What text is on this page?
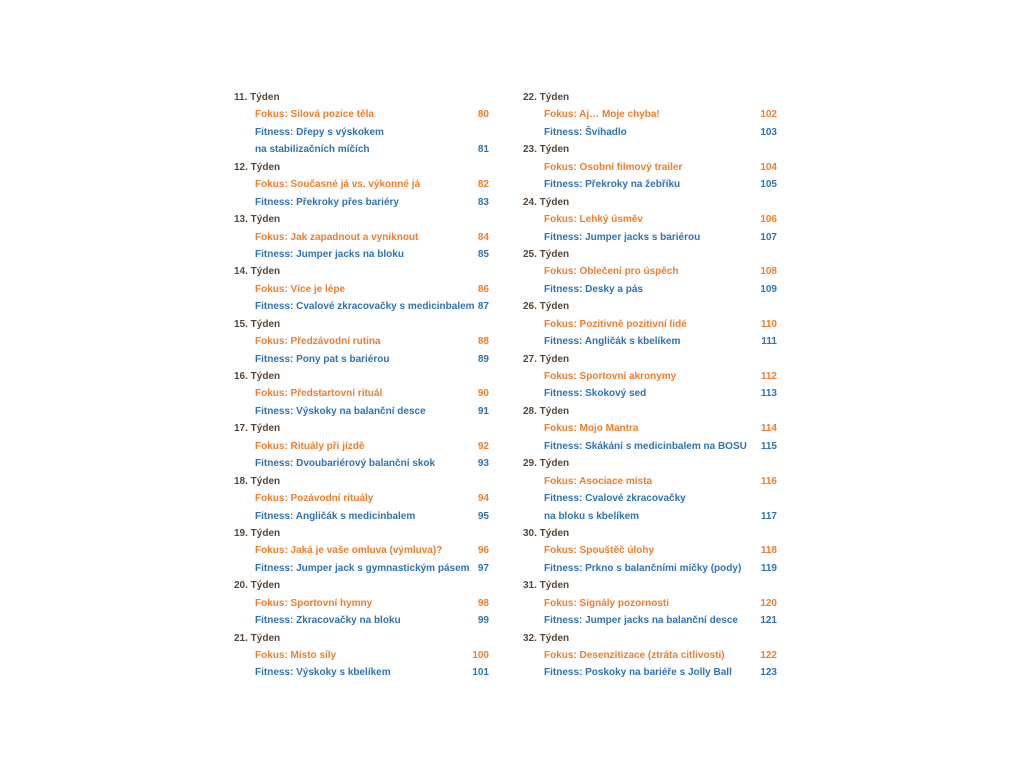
11. Týden
Fokus: Silová pozice těla	80
Fitness: Dřepy s výskokem
na stabilizačních míčích	81
12. Týden
Fokus: Současné já vs. výkonné já	82
Fitness: Překroky přes bariéry	83
13. Týden
Fokus: Jak zapadnout a vyniknout	84
Fitness: Jumper jacks na bloku	85
14. Týden
Fokus: Více je lépe	86
Fitness: Cvalové zkracovačky s medicinbalem 87
15. Týden
Fokus: Předzávodní rutina	88
Fitness: Pony pat s bariérou	89
16. Týden
Fokus: Předstartovní rituál	90
Fitness: Výskoky na balanční desce	91
17. Týden
Fokus: Rituály při jízdě	92
Fitness: Dvoubariérový balanční skok	93
18. Týden
Fokus: Pozávodní rituály	94
Fitness: Angličák s medicinbalem	95
19. Týden
Fokus: Jaká je vaše omluva (výmluva)?	96
Fitness: Jumper jack s gymnastickým pásem 97
20. Týden
Fokus: Sportovní hymny	98
Fitness: Zkracovačky na bloku	99
21. Týden
Fokus: Místo síly	100
Fitness: Výskoky s kbelíkem	101
22. Týden
Fokus: Aj… Moje chyba!	102
Fitness: Švihadlo	103
23. Týden
Fokus: Osobní filmový trailer	104
Fitness: Překroky na žebříku	105
24. Týden
Fokus: Lehký úsměv	106
Fitness: Jumper jacks s bariérou	107
25. Týden
Fokus: Oblečení pro úspěch	108
Fitness: Desky a pás	109
26. Týden
Fokus: Pozitivně pozitivní lidé	110
Fitness: Angličák s kbelíkem	111
27. Týden
Fokus: Sportovní akronymy	112
Fitness: Skokový sed	113
28. Týden
Fokus: Mojo Mantra	114
Fitness: Skákání s medicinbalem na BOSU 115
29. Týden
Fokus: Asociace místa	116
Fitness: Cvalové zkracovačky
na bloku s kbelíkem	117
30. Týden
Fokus: Spouštěč úlohy	118
Fitness: Prkno s balančními míčky (pody) 119
31. Týden
Fokus: Signály pozornosti	120
Fitness: Jumper jacks na balanční desce 121
32. Týden
Fokus: Desenzitizace (ztráta citlivosti)	122
Fitness: Poskoky na bariéře s Jolly Ball	123
